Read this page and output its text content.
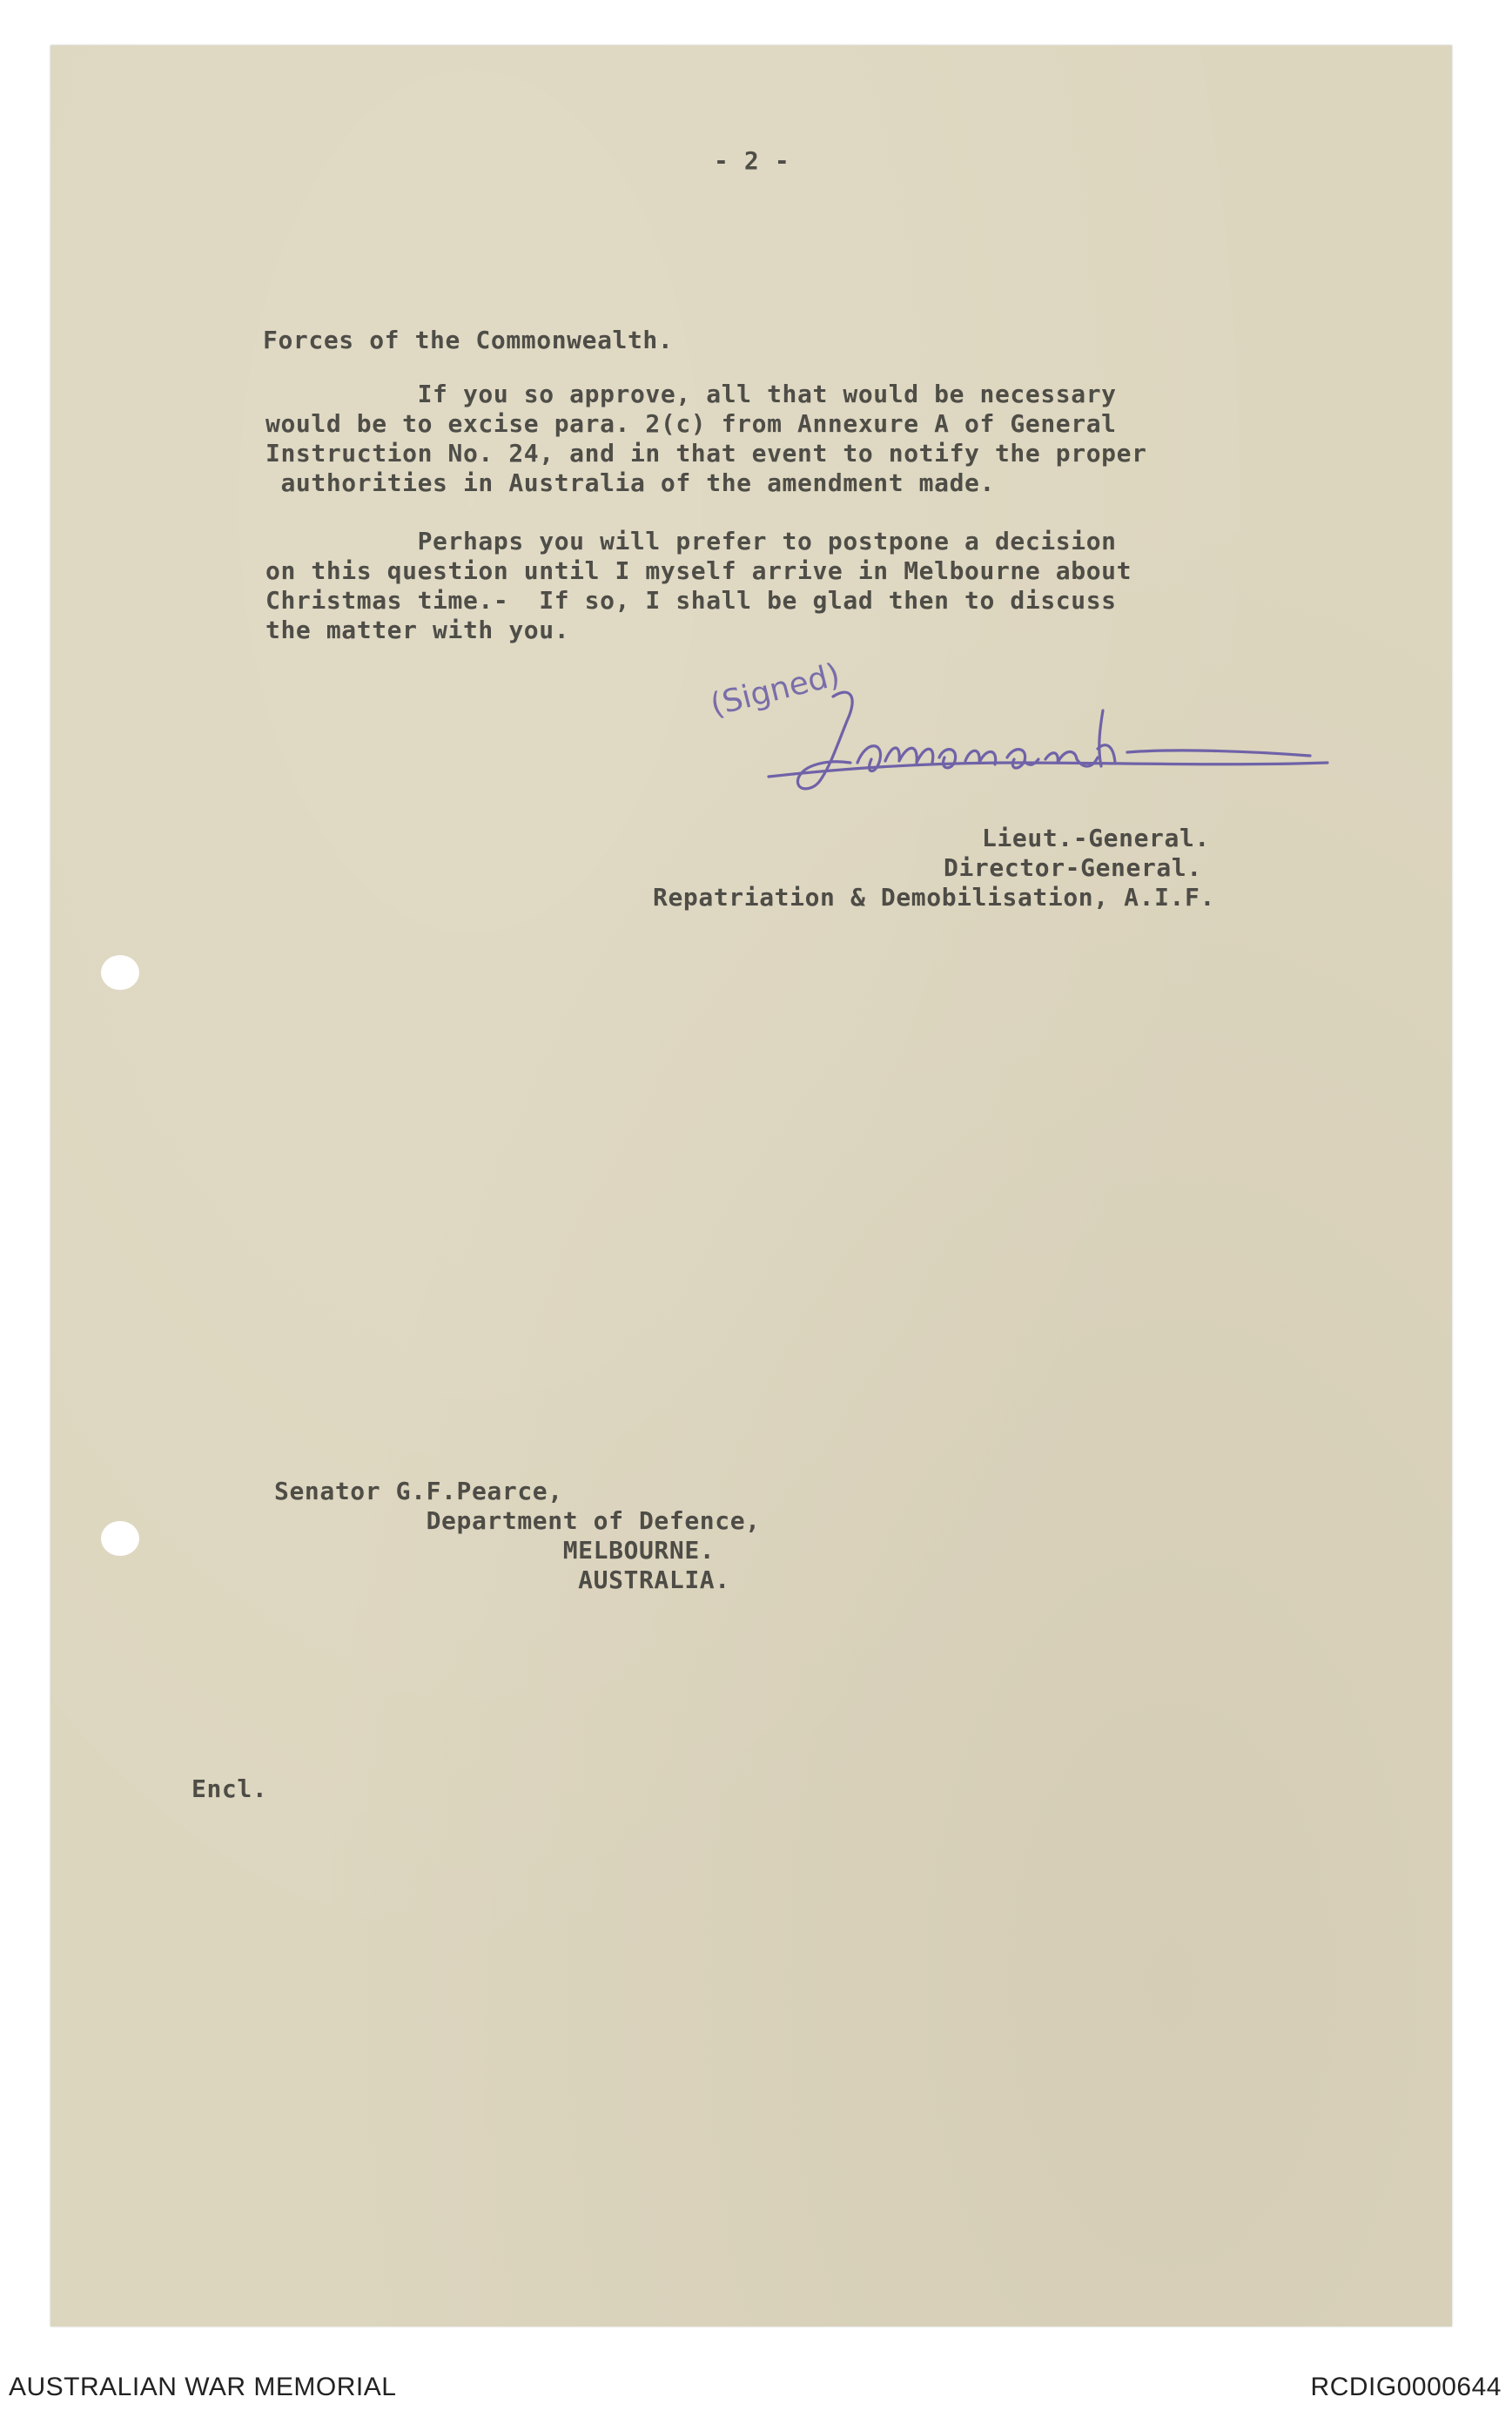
- 2 -
Forces of the Commonwealth.
If you so approve, all that would be necessary
would be to excise para. 2(c) from Annexure A of General
Instruction No. 24, and in that event to notify the proper
authorities in Australia of the amendment made.
Perhaps you will prefer to postpone a decision
on this question until I myself arrive in Melbourne about
Christmas time.-  If so, I shall be glad then to discuss
the matter with you.
(Signed)
Lieut.-General.
Director-General.
Repatriation & Demobilisation, A.I.F.
Senator G.F.Pearce,
Department of Defence,
MELBOURNE.
AUSTRALIA.
Encl.
AUSTRALIAN WAR MEMORIAL	RCDIG0000644
